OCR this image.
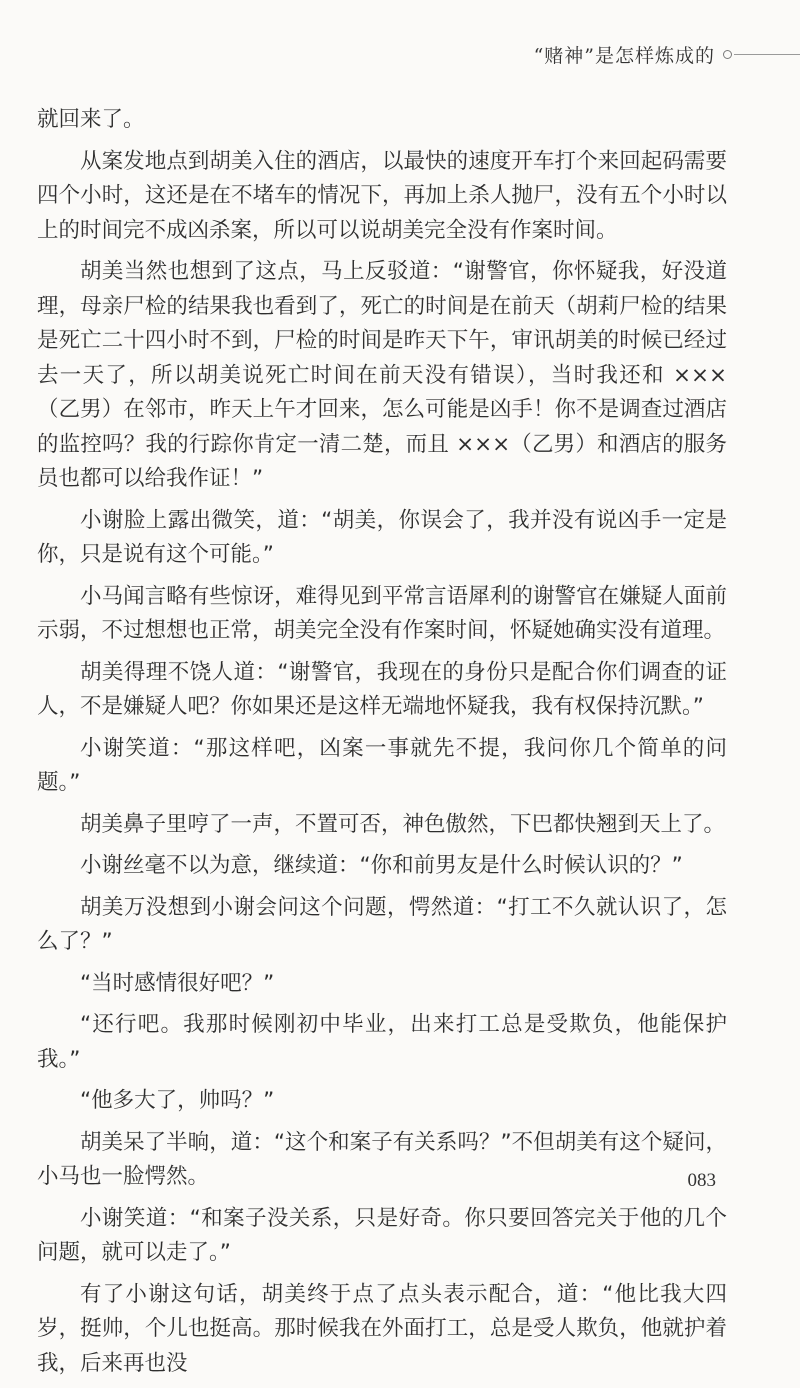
“赌神”是怎样炼成的

就回来了。

从案发地点到胡美入住的酒店，以最快的速度开车打个来回起码需要四个小时，这还是在不堵车的情况下，再加上杀人抛尸，没有五个小时以上的时间完不成凶杀案，所以可以说胡美完全没有作案时间。

胡美当然也想到了这点，马上反驳道：“谢警官，你怀疑我，好没道理，母亲尸检的结果我也看到了，死亡的时间是在前天（胡莉尸检的结果是死亡二十四小时不到，尸检的时间是昨天下午，审讯胡美的时候已经过去一天了，所以胡美说死亡时间在前天没有错误），当时我还和 ×××（乙男）在邻市，昨天上午才回来，怎么可能是凶手！你不是调查过酒店的监控吗？我的行踪你肯定一清二楚，而且 ×××（乙男）和酒店的服务员也都可以给我作证！”

小谢脸上露出微笑，道：“胡美，你误会了，我并没有说凶手一定是你，只是说有这个可能。”

小马闻言略有些惊讶，难得见到平常言语犀利的谢警官在嫌疑人面前示弱，不过想想也正常，胡美完全没有作案时间，怀疑她确实没有道理。

胡美得理不饶人道：“谢警官，我现在的身份只是配合你们调查的证人，不是嫌疑人吧？你如果还是这样无端地怀疑我，我有权保持沉默。”

小谢笑道：“那这样吧，凶案一事就先不提，我问你几个简单的问题。”

胡美鼻子里哼了一声，不置可否，神色傲然，下巴都快翘到天上了。

小谢丝毫不以为意，继续道：“你和前男友是什么时候认识的？”

胡美万没想到小谢会问这个问题，愕然道：“打工不久就认识了，怎么了？”

“当时感情很好吧？”

“还行吧。我那时候刚初中毕业，出来打工总是受欺负，他能保护我。”

“他多大了，帅吗？”

胡美呆了半晌，道：“这个和案子有关系吗？”不但胡美有这个疑问，小马也一脸愕然。

小谢笑道：“和案子没关系，只是好奇。你只要回答完关于他的几个问题，就可以走了。”

有了小谢这句话，胡美终于点了点头表示配合，道：“他比我大四岁，挺帅，个儿也挺高。那时候我在外面打工，总是受人欺负，他就护着我，后来再也没

083
